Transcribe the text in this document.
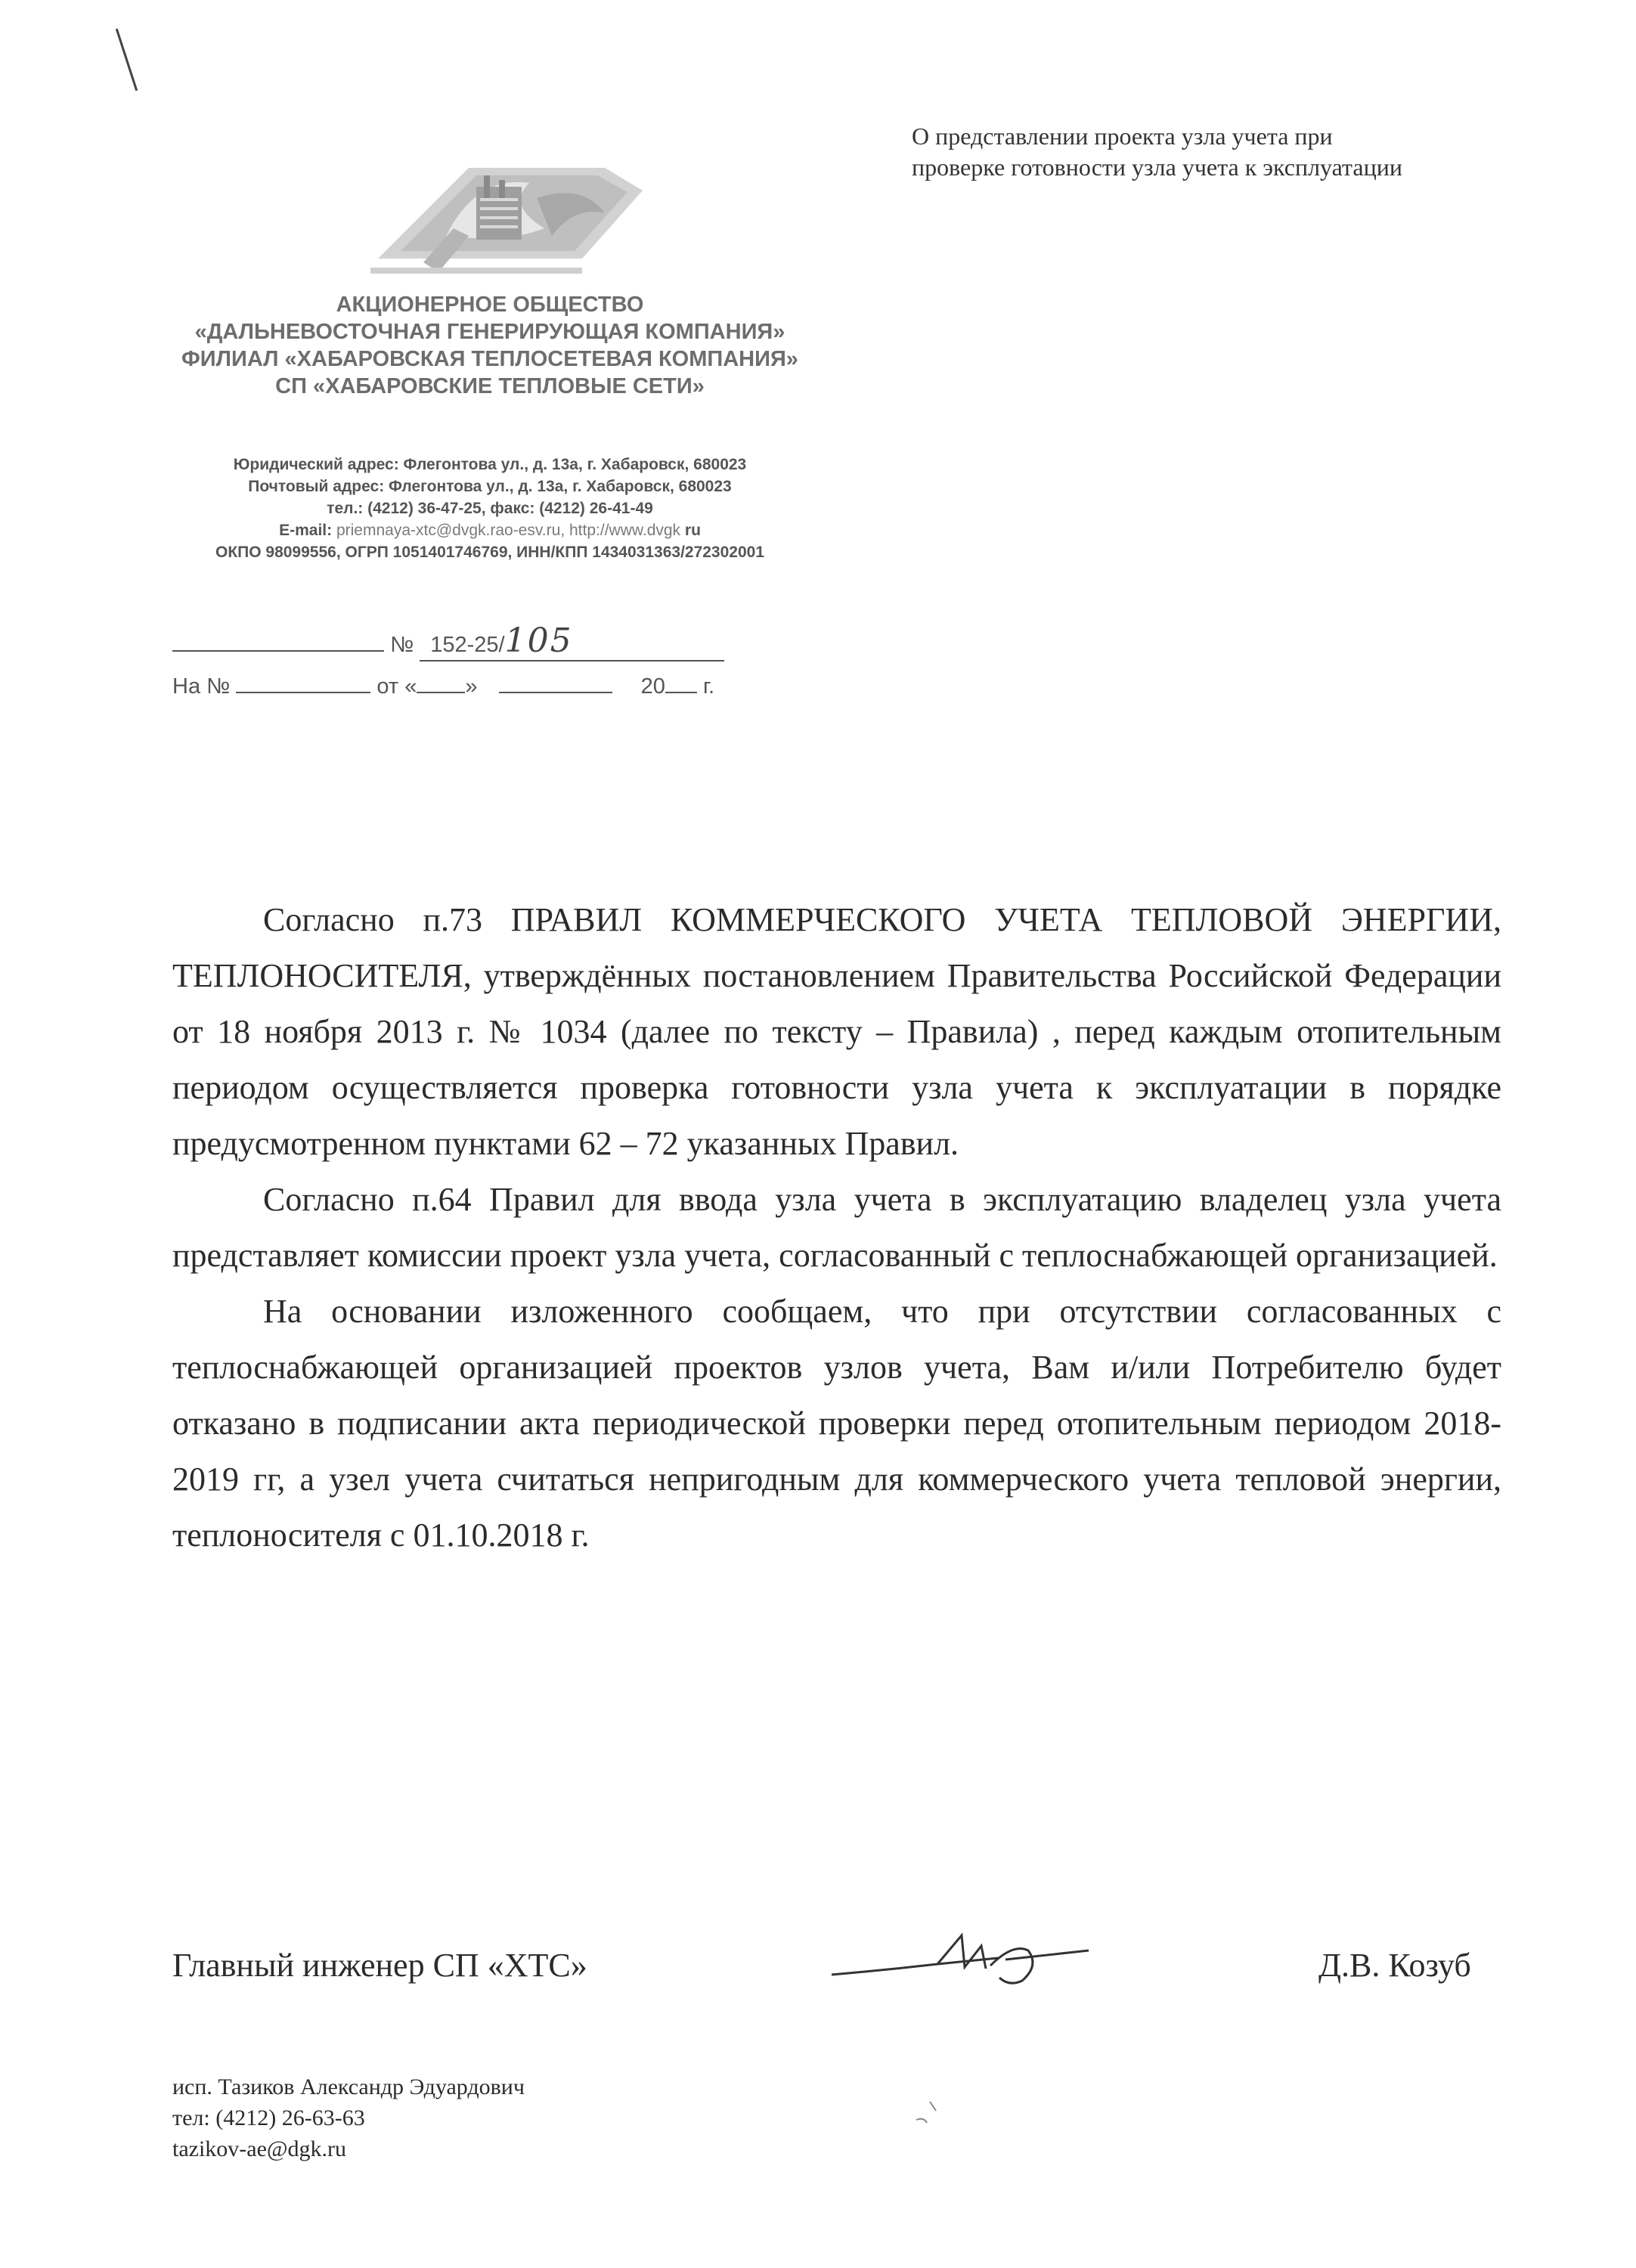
О представлении проекта узла учета при
проверке готовности узла учета к эксплуатации
АКЦИОНЕРНОЕ ОБЩЕСТВО
«ДАЛЬНЕВОСТОЧНАЯ ГЕНЕРИРУЮЩАЯ КОМПАНИЯ»
ФИЛИАЛ «ХАБАРОВСКАЯ ТЕПЛОСЕТЕВАЯ КОМПАНИЯ»
СП «ХАБАРОВСКИЕ ТЕПЛОВЫЕ СЕТИ»
Юридический адрес: Флегонтова ул., д. 13а, г. Хабаровск, 680023
Почтовый адрес: Флегонтова ул., д. 13а, г. Хабаровск, 680023
тел.: (4212) 36-47-25, факс: (4212) 26-41-49
E-mail: priemnaya-xtc@dvgk.rao-esv.ru, http://www.dvgk ru
ОКПО 98099556, ОГРП 1051401746769, ИНН/КПП 1434031363/272302001
№ 152-25/105
На №	от « »	20 г.

Согласно п.73 ПРАВИЛ КОММЕРЧЕСКОГО УЧЕТА ТЕПЛОВОЙ ЭНЕРГИИ, ТЕПЛОНОСИТЕЛЯ, утверждённых постановлением Правительства Российской Федерации от 18 ноября 2013 г. № 1034 (далее по тексту – Правила) , перед каждым отопительным периодом осуществляется проверка готовности узла учета к эксплуатации в порядке предусмотренном пунктами 62 – 72 указанных Правил.

Согласно п.64 Правил для ввода узла учета в эксплуатацию владелец узла учета представляет комиссии проект узла учета, согласованный с теплоснабжающей организацией.

На основании изложенного сообщаем, что при отсутствии согласованных с теплоснабжающей организацией проектов узлов учета, Вам и/или Потребителю будет отказано в подписании акта периодической проверки перед отопительным периодом 2018-2019 гг, а узел учета считаться непригодным для коммерческого учета тепловой энергии, теплоносителя с 01.10.2018 г.

Главный инженер СП «ХТС»	Д.В. Козуб
исп. Тазиков Александр Эдуардович
тел: (4212) 26-63-63
tazikov-ae@dgk.ru
